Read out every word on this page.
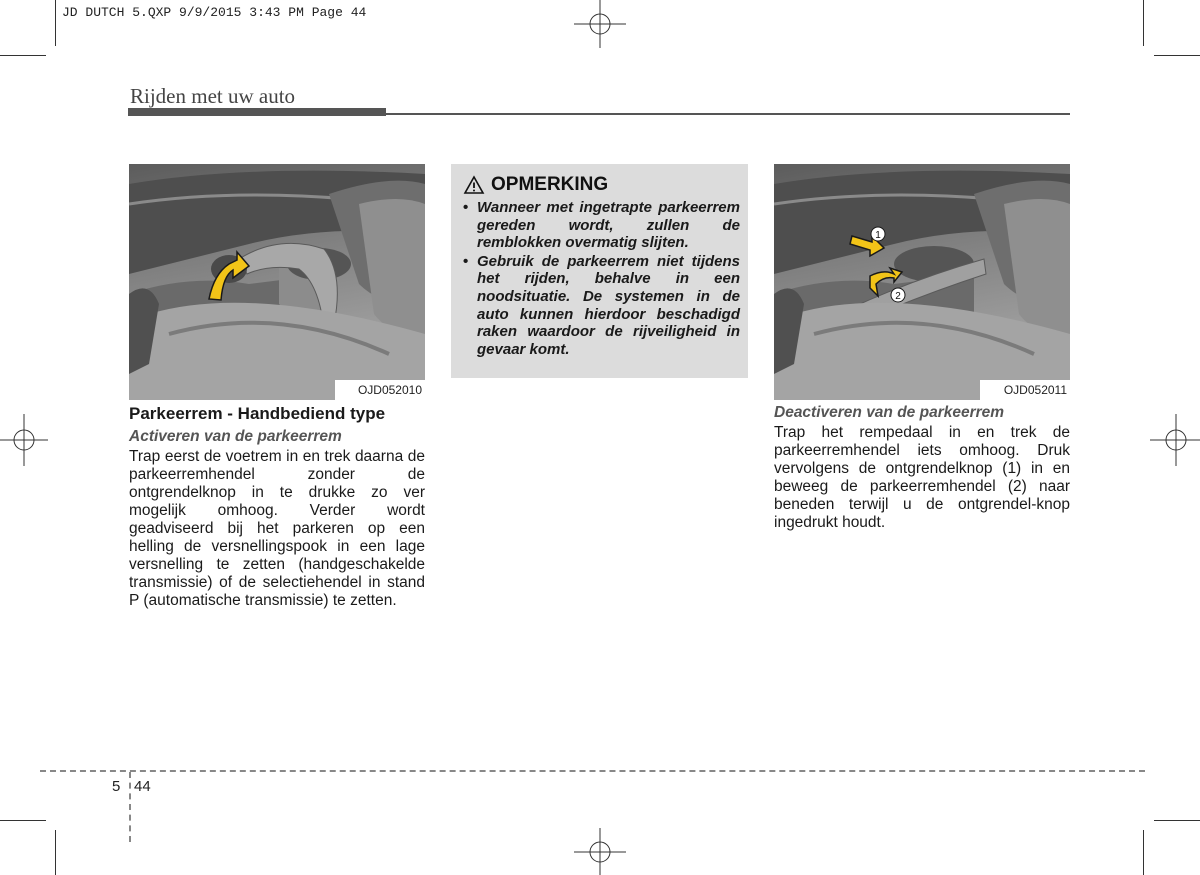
JD DUTCH 5.QXP 9/9/2015 3:43 PM Page 44
Rijden met uw auto
OJD052010
Parkeerrem - Handbediend type
Activeren van de parkeerrem

Trap eerst de voetrem in en trek daarna de parkeerremhendel zonder de ontgrendelknop in te drukke zo ver mogelijk omhoog. Verder wordt geadviseerd bij het parkeren op een helling de versnellingspook in een lage versnelling te zetten (handgeschakelde transmissie) of de selectiehendel in stand P (automatische transmissie) te zetten.

OPMERKING
• Wanneer met ingetrapte parkeerrem gereden wordt, zullen de remblokken overmatig slijten.
• Gebruik de parkeerrem niet tijdens het rijden, behalve in een noodsituatie. De systemen in de auto kunnen hierdoor beschadigd raken waardoor de rijveiligheid in gevaar komt.
1
2
OJD052011
Deactiveren van de parkeerrem

Trap het rempedaal in en trek de parkeerremhendel iets omhoog. Druk vervolgens de ontgrendelknop (1) in en beweeg de parkeerremhendel (2) naar beneden terwijl u de ontgrendel-knop ingedrukt houdt.

5 44
